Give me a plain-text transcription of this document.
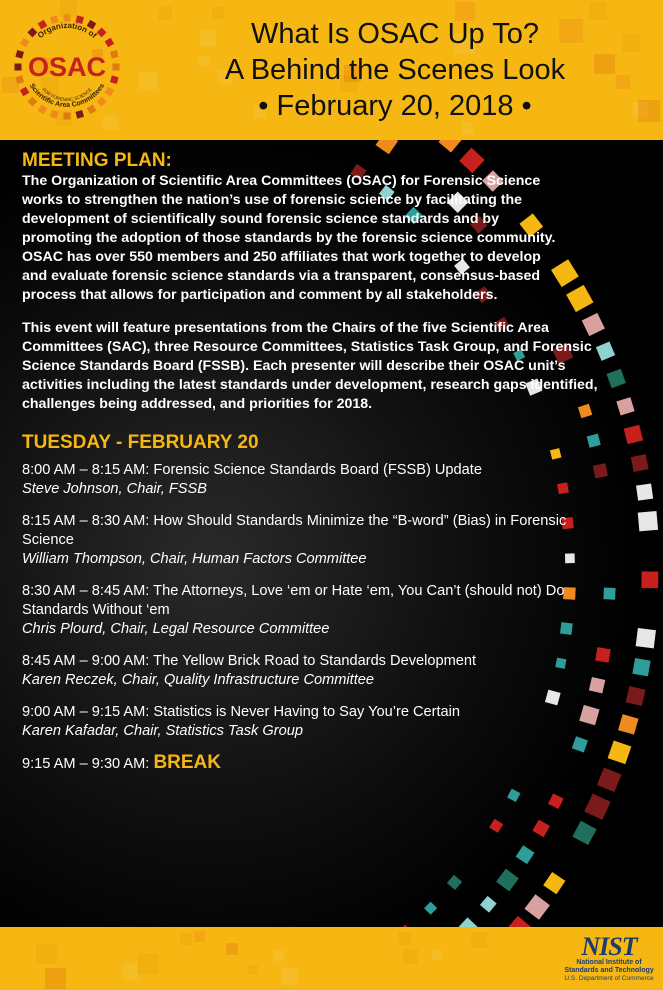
Organization of
OSAC
Scientific Area Committees
FOR FORENSIC SCIENCE
What Is OSAC Up To?
A Behind the Scenes Look
• February 20, 2018 •
MEETING PLAN:

The Organization of Scientific Area Committees (OSAC) for Forensic Science works to strengthen the nation’s use of forensic science by facilitating the development of scientifically sound forensic science standards and by promoting the adoption of those standards by the forensic science community. OSAC has over 550 members and 250 affiliates that work together to develop and evaluate forensic science standards via a transparent, consensus-based process that allows for participation and comment by all stakeholders.

This event will feature presentations from the Chairs of the five Scientific Area Committees (SAC), three Resource Committees, Statistics Task Group, and Forensic Science Standards Board (FSSB). Each presenter will describe their OSAC unit’s activities including the latest standards under development, research gaps identified, challenges being addressed, and priorities for 2018.

TUESDAY - FEBRUARY 20
8:00 AM – 8:15 AM: Forensic Science Standards Board (FSSB) Update
Steve Johnson, Chair, FSSB
8:15 AM – 8:30 AM: How Should Standards Minimize the “B-word” (Bias) in Forensic Science
William Thompson, Chair, Human Factors Committee
8:30 AM – 8:45 AM: The Attorneys, Love ‘em or Hate ‘em, You Can’t (should not) Do Standards Without ‘em
Chris Plourd, Chair, Legal Resource Committee
8:45 AM – 9:00 AM: The Yellow Brick Road to Standards Development
Karen Reczek, Chair, Quality Infrastructure Committee
9:00 AM – 9:15 AM: Statistics is Never Having to Say You’re Certain
Karen Kafadar, Chair, Statistics Task Group
9:15 AM – 9:30 AM: BREAK
NIST
National Institute of
Standards and Technology
U.S. Department of Commerce
